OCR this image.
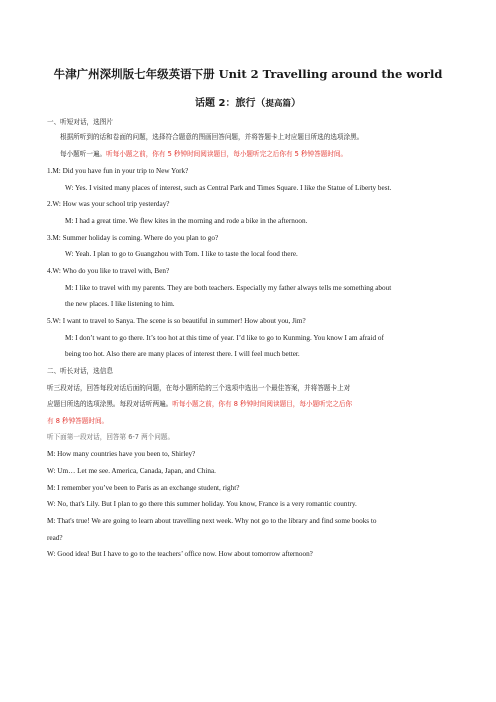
牛津广州深圳版七年级英语下册 Unit 2 Travelling around the world
话题 2：旅行（提高篇）
一、听短对话，选图片
根据所听到的话和卷面的问题，选择符合题意的图画回答问题，并将答题卡上对应题目所选的选项涂黑。
每小题听一遍。听每小题之前，你有 5 秒钟时间阅读题目，每小题听完之后你有 5 秒钟答题时间。
1.M: Did you have fun in your trip to New York?
W: Yes. I visited many places of interest, such as Central Park and Times Square. I like the Statue of Liberty best.
2.W: How was your school trip yesterday?
M: I had a great time. We flew kites in the morning and rode a bike in the afternoon.
3.M: Summer holiday is coming. Where do you plan to go?
W: Yeah. I plan to go to Guangzhou with Tom. I like to taste the local food there.
4.W: Who do you like to travel with, Ben?
M: I like to travel with my parents. They are both teachers. Especially my father always tells me something about
the new places. I like listening to him.
5.W: I want to travel to Sanya. The scene is so beautiful in summer! How about you, Jim?
M: I don’t want to go there. It’s too hot at this time of year. I’d like to go to Kunming. You know I am afraid of
being too hot. Also there are many places of interest there. I will feel much better.
二、听长对话，选信息
听三段对话，回答每段对话后面的问题，在每小题所给的三个选项中选出一个最佳答案，并将答题卡上对
应题目所选的选项涂黑。每段对话听两遍。听每小题之前，你有 8 秒钟时间阅读题目，每小题听完之后你
有 8 秒钟答题时间。
听下面第一段对话，回答第 6-7 两个问题。
M: How many countries have you been to, Shirley?
W: Um… Let me see. America, Canada, Japan, and China.
M: I remember you’ve been to Paris as an exchange student, right?
W: No, that's Lily. But I plan to go there this summer holiday. You know, France is a very romantic country.
M: That's true! We are going to learn about travelling next week. Why not go to the library and find some books to
read?
W: Good idea! But I have to go to the teachers’ office now. How about tomorrow afternoon?
